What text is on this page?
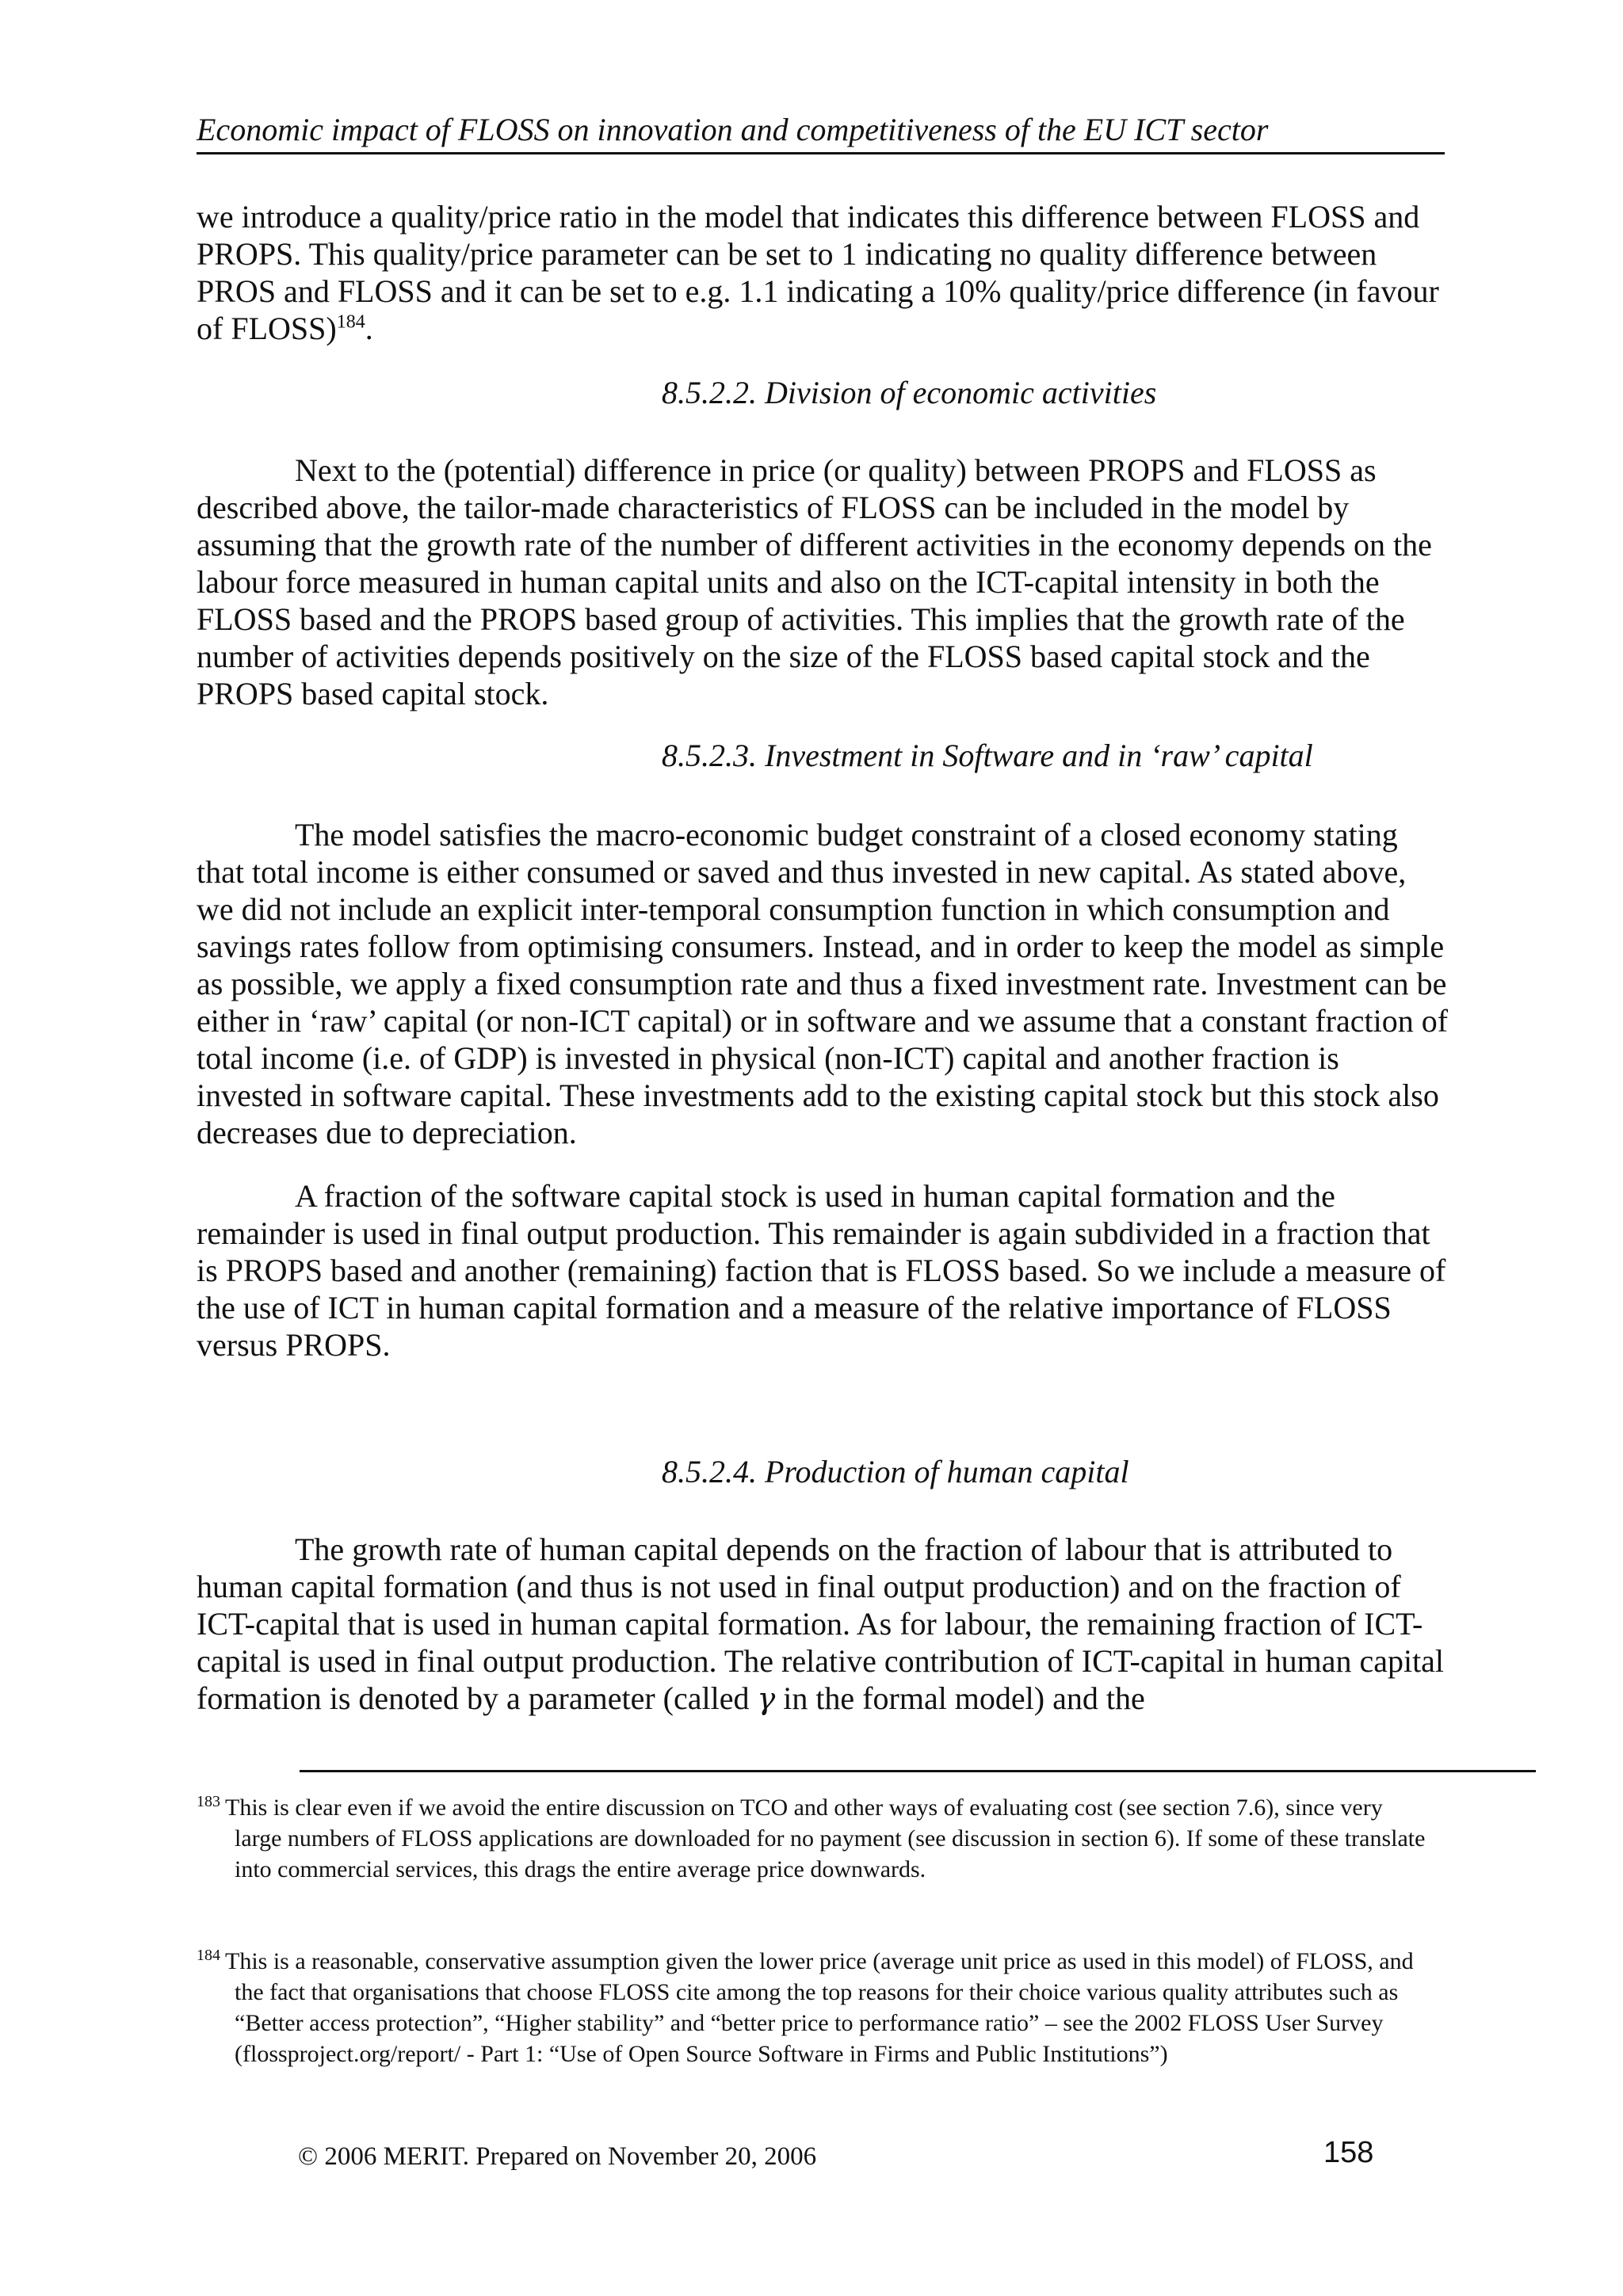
Economic impact of FLOSS on innovation and competitiveness of the EU ICT sector

we introduce a quality/price ratio in the model that indicates this difference between FLOSS and PROPS. This quality/price parameter can be set to 1 indicating no quality difference between PROS and FLOSS and it can be set to e.g. 1.1 indicating a 10% quality/price difference (in favour of FLOSS)$^{184}$.

8.5.2.2. Division of economic activities

Next to the (potential) difference in price (or quality) between PROPS and FLOSS as described above, the tailor-made characteristics of FLOSS can be included in the model by assuming that the growth rate of the number of different activities in the economy depends on the labour force measured in human capital units and also on the ICT-capital intensity in both the FLOSS based and the PROPS based group of activities. This implies that the growth rate of the number of activities depends positively on the size of the FLOSS based capital stock and the PROPS based capital stock.

8.5.2.3. Investment in Software and in ‘raw’ capital

The model satisfies the macro-economic budget constraint of a closed economy stating that total income is either consumed or saved and thus invested in new capital. As stated above, we did not include an explicit inter-temporal consumption function in which consumption and savings rates follow from optimising consumers. Instead, and in order to keep the model as simple as possible, we apply a fixed consumption rate and thus a fixed investment rate. Investment can be either in ‘raw’ capital (or non-ICT capital) or in software and we assume that a constant fraction of total income (i.e. of GDP) is invested in physical (non-ICT) capital and another fraction is invested in software capital. These investments add to the existing capital stock but this stock also decreases due to depreciation.

A fraction of the software capital stock is used in human capital formation and the remainder is used in final output production. This remainder is again subdivided in a fraction that is PROPS based and another (remaining) faction that is FLOSS based. So we include a measure of the use of ICT in human capital formation and a measure of the relative importance of FLOSS versus PROPS.

8.5.2.4. Production of human capital

The growth rate of human capital depends on the fraction of labour that is attributed to human capital formation (and thus is not used in final output production) and on the fraction of ICT-capital that is used in human capital formation. As for labour, the remaining fraction of ICT-capital is used in final output production. The relative contribution of ICT-capital in human capital formation is denoted by a parameter (called γ in the formal model) and the

$^{183}$ This is clear even if we avoid the entire discussion on TCO and other ways of evaluating cost (see section 7.6), since very large numbers of FLOSS applications are downloaded for no payment (see discussion in section 6). If some of these translate into commercial services, this drags the entire average price downwards.
$^{184}$ This is a reasonable, conservative assumption given the lower price (average unit price as used in this model) of FLOSS, and the fact that organisations that choose FLOSS cite among the top reasons for their choice various quality attributes such as “Better access protection”, “Higher stability” and “better price to performance ratio” – see the 2002 FLOSS User Survey (flossproject.org/report/ - Part 1: “Use of Open Source Software in Firms and Public Institutions”)
© 2006 MERIT. Prepared on November 20, 2006	158
